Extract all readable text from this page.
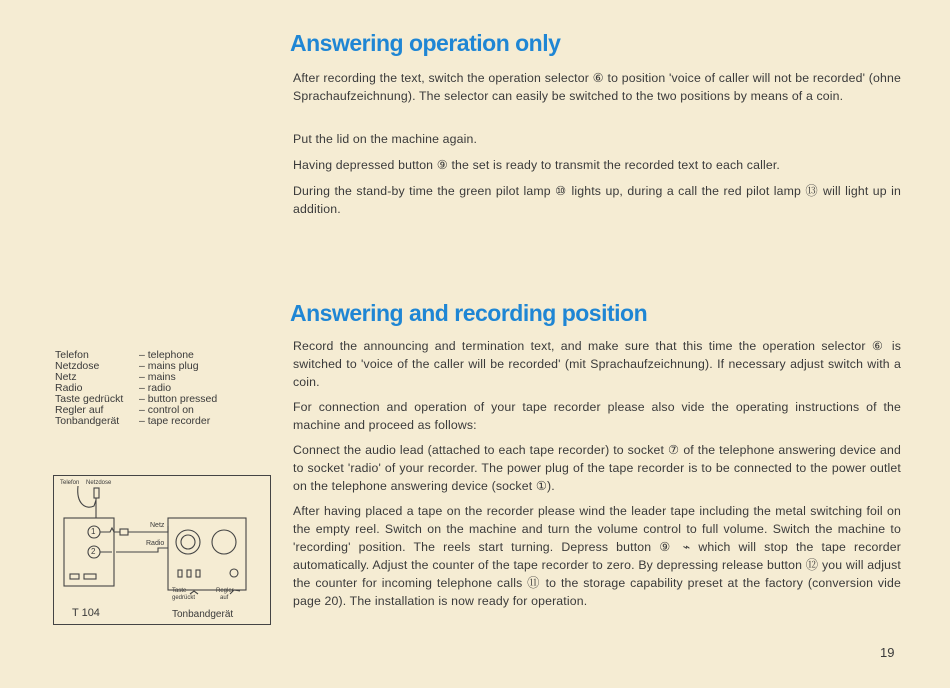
Answering operation only

After recording the text, switch the operation selector ⑥ to position 'voice of caller will not be recorded' (ohne Sprachaufzeichnung). The selector can easily be switched to the two positions by means of a coin.

Put the lid on the machine again.

Having depressed button ⑨ the set is ready to transmit the recorded text to each caller.

During the stand-by time the green pilot lamp ⑩ lights up, during a call the red pilot lamp ⑬ will light up in addition.

Answering and recording position

Record the announcing and termination text, and make sure that this time the operation selector ⑥ is switched to 'voice of the caller will be recorded' (mit Sprachaufzeichnung). If necessary adjust switch with a coin.

For connection and operation of your tape recorder please also vide the operating instructions of the machine and proceed as follows:

Connect the audio lead (attached to each tape recorder) to socket ⑦ of the telephone answering device and to socket 'radio' of your recorder. The power plug of the tape recorder is to be connected to the power outlet on the telephone answering device (socket ①).

After having placed a tape on the recorder please wind the leader tape including the metal switching foil on the empty reel. Switch on the machine and turn the volume control to full volume. Switch the machine to 'recording' position. The reels start turning. Depress button ⑨ ⌁ which will stop the tape recorder automatically. Adjust the counter of the tape recorder to zero. By depressing release button ⑫ you will adjust the counter for incoming telephone calls ⑪ to the storage capability preset at the factory (conversion vide page 20). The installation is now ready for operation.

Telefon	– telephone
Netzdose	– mains plug
Netz	– mains
Radio	– radio
Taste gedrückt	– button pressed
Regler auf	– control on
Tonbandgerät	– tape recorder
Telefon Netzdose
1
2
Netz
Radio
Taste
gedrückt
Regler
auf
T 104	Tonbandgerät
19
